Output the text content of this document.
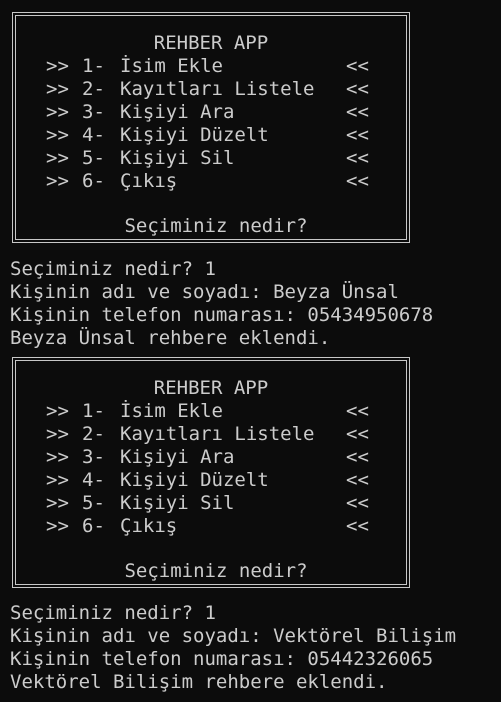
REHBER APP
>> 1- İsim Ekle	<<
>> 2- Kayıtları Listele <<
>> 3- Kişiyi Ara	<<
>> 4- Kişiyi Düzelt	<<
>> 5- Kişiyi Sil	<<
>> 6- Çıkış	<<
Seçiminiz nedir?
Seçiminiz nedir? 1
Kişinin adı ve soyadı: Beyza Ünsal
Kişinin telefon numarası: 05434950678
Beyza Ünsal rehbere eklendi.
REHBER APP
>> 1- İsim Ekle	<<
>> 2- Kayıtları Listele <<
>> 3- Kişiyi Ara	<<
>> 4- Kişiyi Düzelt	<<
>> 5- Kişiyi Sil	<<
>> 6- Çıkış	<<
Seçiminiz nedir?
Seçiminiz nedir? 1
Kişinin adı ve soyadı: Vektörel Bilişim
Kişinin telefon numarası: 05442326065
Vektörel Bilişim rehbere eklendi.
